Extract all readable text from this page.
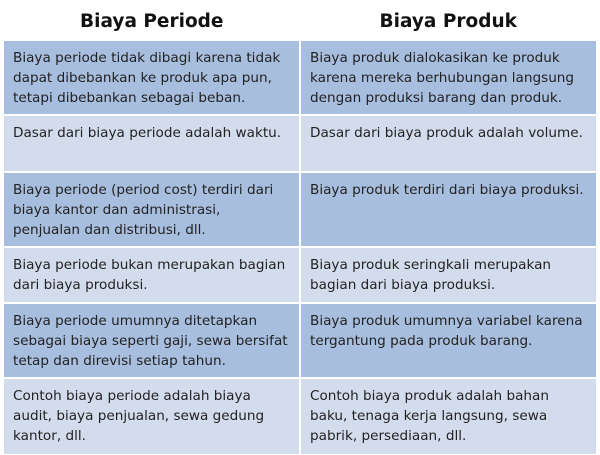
Biaya Periode	Biaya Produk
Biaya periode tidak dibagi karena tidak dapat dibebankan ke produk apa pun, tetapi dibebankan sebagai beban.	Biaya produk dialokasikan ke produk karena mereka berhubungan langsung dengan produksi barang dan produk.
Dasar dari biaya periode adalah waktu.	Dasar dari biaya produk adalah volume.
Biaya periode (period cost) terdiri dari biaya kantor dan administrasi, penjualan dan distribusi, dll.	Biaya produk terdiri dari biaya produksi.
Biaya periode bukan merupakan bagian dari biaya produksi.	Biaya produk seringkali merupakan bagian dari biaya produksi.
Biaya periode umumnya ditetapkan sebagai biaya seperti gaji, sewa bersifat tetap dan direvisi setiap tahun.	Biaya produk umumnya variabel karena tergantung pada produk barang.
Contoh biaya periode adalah biaya audit, biaya penjualan, sewa gedung kantor, dll.	Contoh biaya produk adalah bahan baku, tenaga kerja langsung, sewa pabrik, persediaan, dll.
